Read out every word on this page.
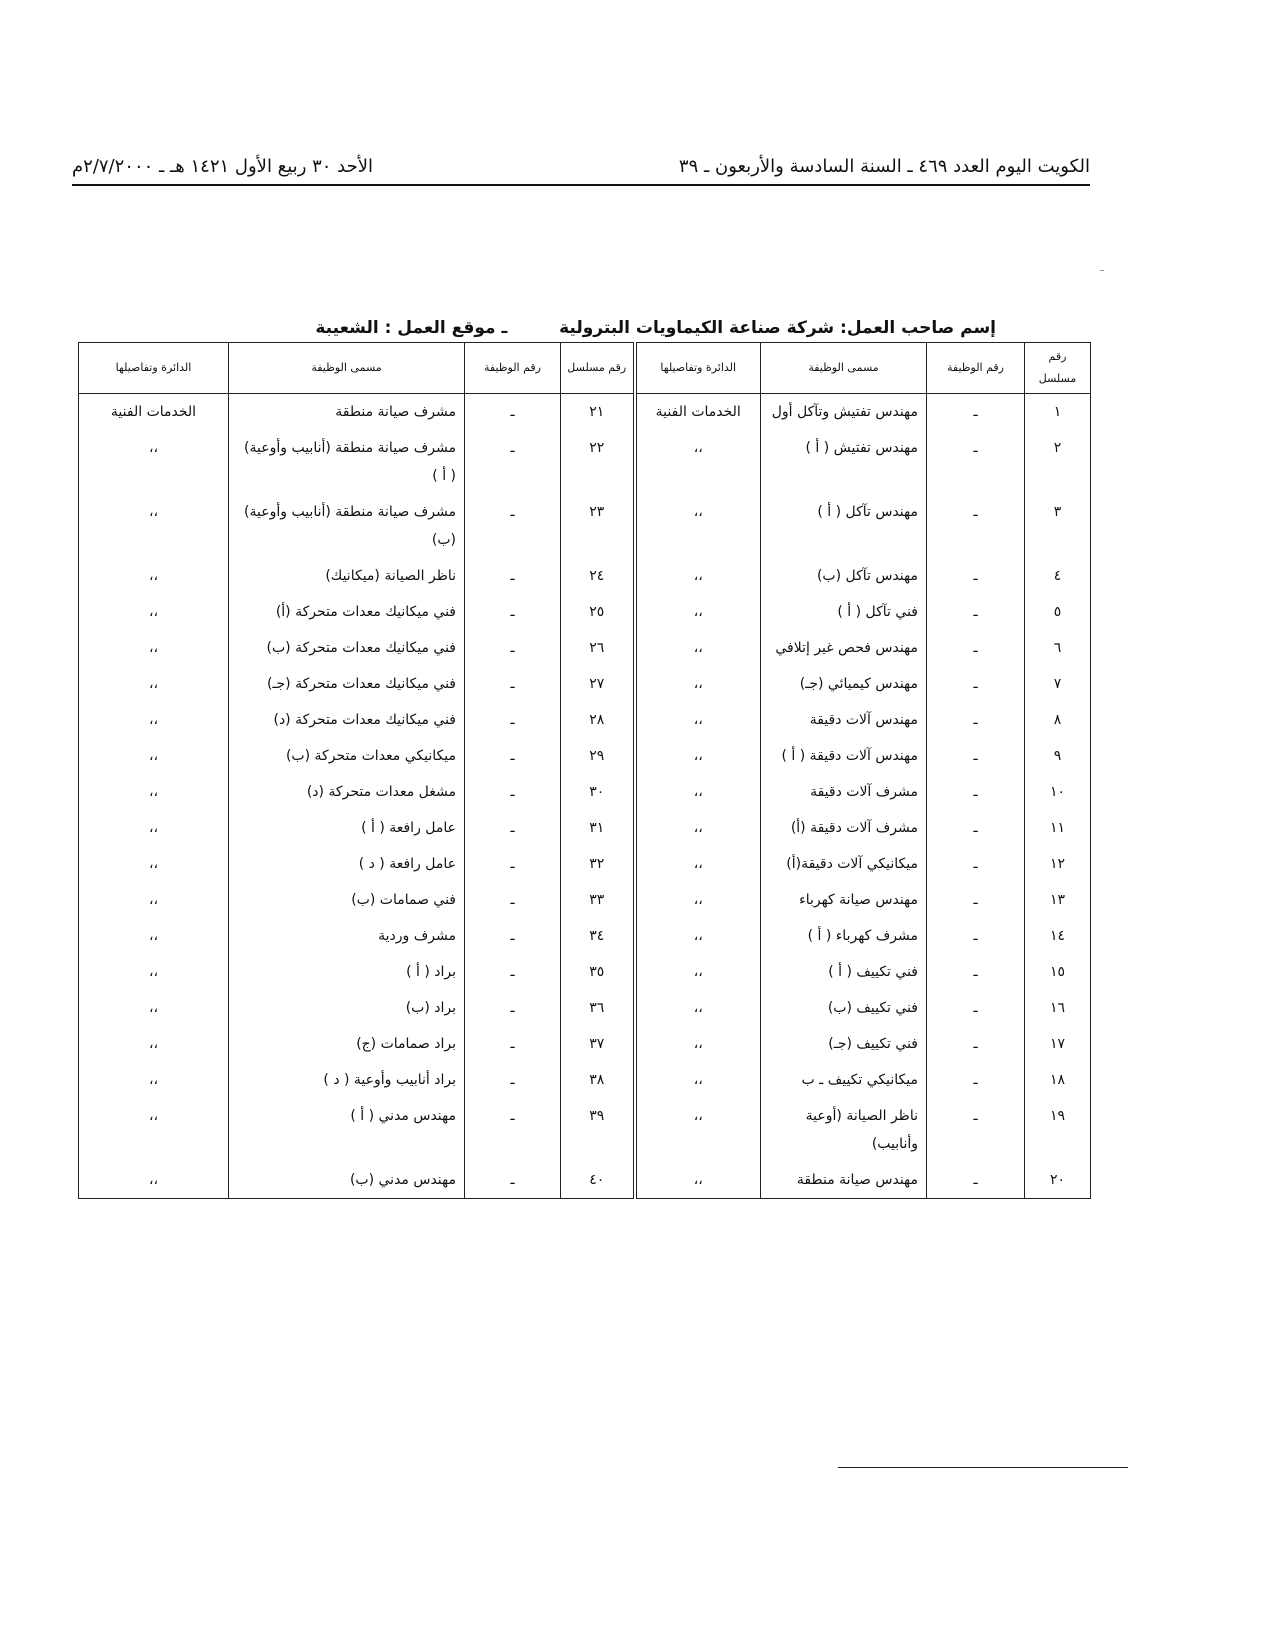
الكويت اليوم العدد ٤٦٩ ـ السنة السادسة والأربعون ـ ٣٩
الأحد ٣٠ ربيع الأول ١٤٢١ هـ ـ ٢/٧/٢٠٠٠م
إسم صاحب العمل: شركة صناعة الكيماويات البترولية  ـ موقع العمل : الشعيبة
رقم مسلسل	رقم الوظيفة	مسمى الوظيفة	الدائرة وتفاصيلها	رقم مسلسل	رقم الوظيفة	مسمى الوظيفة	الدائرة وتفاصيلها
١	ـ	مهندس تفتيش وتآكل أول	الخدمات الفنية	٢١	ـ	مشرف صيانة منطقة	الخدمات الفنية
٢	ـ	مهندس تفتيش ( أ )	،،	٢٢	ـ	مشرف صيانة منطقة (أنابيب وأوعية) ( أ )	،،
٣	ـ	مهندس تآكل ( أ )	،،	٢٣	ـ	مشرف صيانة منطقة (أنابيب وأوعية) (ب)	،،
٤	ـ	مهندس تآكل (ب)	،،	٢٤	ـ	ناظر الصيانة (ميكانيك)	،،
٥	ـ	فني تآكل ( أ )	،،	٢٥	ـ	فني ميكانيك معدات متحركة (أ)	،،
٦	ـ	مهندس فحص غير إتلافي	،،	٢٦	ـ	فني ميكانيك معدات متحركة (ب)	،،
٧	ـ	مهندس كيميائي (جـ)	،،	٢٧	ـ	فني ميكانيك معدات متحركة (جـ)	،،
٨	ـ	مهندس آلات دقيقة	،،	٢٨	ـ	فني ميكانيك معدات متحركة (د)	،،
٩	ـ	مهندس آلات دقيقة ( أ )	،،	٢٩	ـ	ميكانيكي معدات متحركة (ب)	،،
١٠	ـ	مشرف آلات دقيقة	،،	٣٠	ـ	مشغل معدات متحركة (د)	،،
١١	ـ	مشرف آلات دقيقة (أ)	،،	٣١	ـ	عامل رافعة ( أ )	،،
١٢	ـ	ميكانيكي آلات دقيقة(أ)	،،	٣٢	ـ	عامل رافعة ( د )	،،
١٣	ـ	مهندس صيانة كهرباء	،،	٣٣	ـ	فني صمامات (ب)	،،
١٤	ـ	مشرف كهرباء ( أ )	،،	٣٤	ـ	مشرف وردية	،،
١٥	ـ	فني تكييف ( أ )	،،	٣٥	ـ	براد ( أ )	،،
١٦	ـ	فني تكييف (ب)	،،	٣٦	ـ	براد (ب)	،،
١٧	ـ	فني تكييف (جـ)	،،	٣٧	ـ	براد صمامات (ج)	،،
١٨	ـ	ميكانيكي تكييف ـ ب	،،	٣٨	ـ	براد أنابيب وأوعية ( د )	،،
١٩	ـ	ناظر الصيانة (أوعية وأنابيب)	،،	٣٩	ـ	مهندس مدني ( أ )	،،
٢٠	ـ	مهندس صيانة منطقة	،،	٤٠	ـ	مهندس مدني (ب)	،،
